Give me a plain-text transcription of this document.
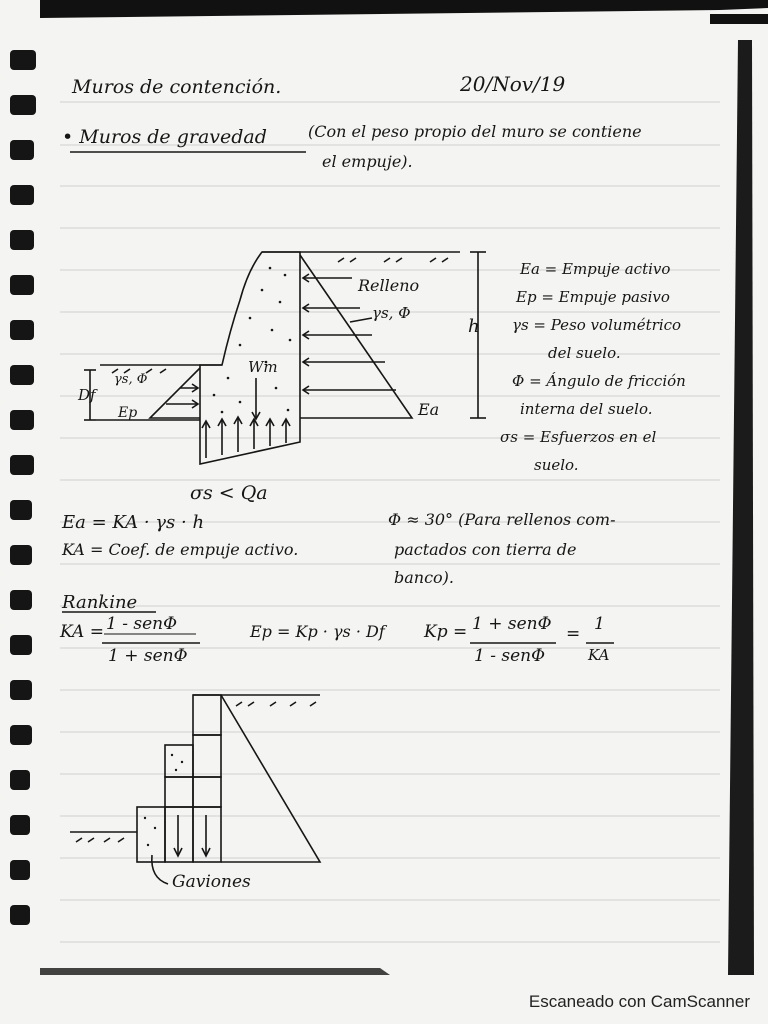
Muros de contención.	20/Nov/19
• Muros de gravedad	(Con el peso propio del muro se contiene
el empuje).
Relleno
γs, Φ
h
Wm
Df
γs, Φ
Ep	Ea
σs < Qa
Ea = Empuje activo
Ep = Empuje pasivo
γs = Peso volumétrico
del suelo.
Φ = Ángulo de fricción
interna del suelo.
σs = Esfuerzos en el
suelo.
Ea = KA · γs · h
KA = Coef. de empuje activo.
Φ ≈ 30° (Para rellenos com-
pactados con tierra de
banco).
Rankine
KA = 1 - senΦ
1 + senΦ
Ep = Kp · γs · Df Kp = 1 + senΦ
1 - senΦ
= 1
KA
Gaviones
Escaneado con CamScanner
